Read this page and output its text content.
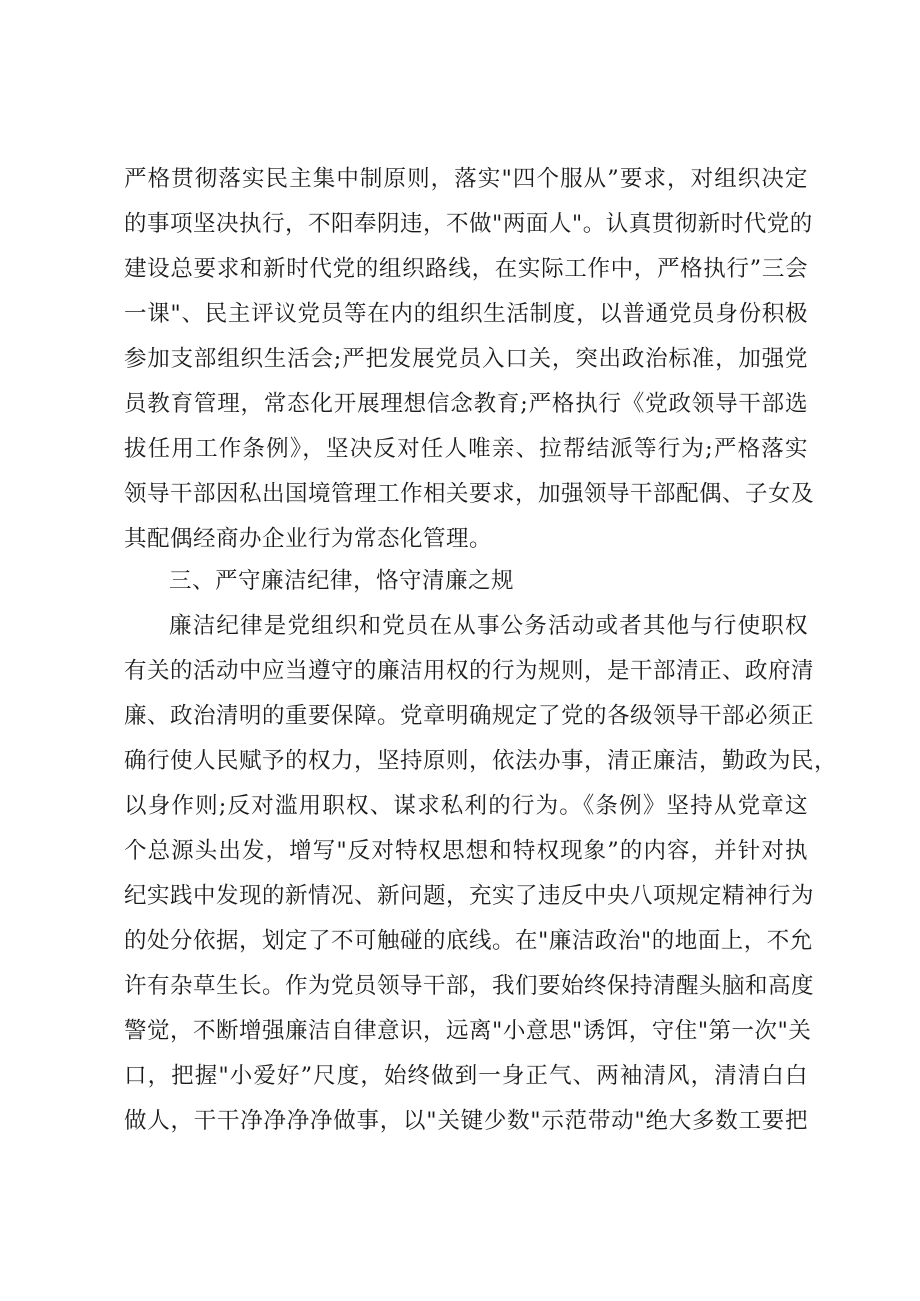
严格贯彻落实民主集中制原则，落实"四个服从”要求，对组织决定
的事项坚决执行，不阳奉阴违，不做"两面人"。认真贯彻新时代党的
建设总要求和新时代党的组织路线，在实际工作中，严格执行”三会
一课"、民主评议党员等在内的组织生活制度，以普通党员身份积极
参加支部组织生活会;严把发展党员入口关，突出政治标准，加强党
员教育管理，常态化开展理想信念教育;严格执行《党政领导干部选
拔任用工作条例》，坚决反对任人唯亲、拉帮结派等行为;严格落实
领导干部因私出国境管理工作相关要求，加强领导干部配偶、子女及
其配偶经商办企业行为常态化管理。
三、严守廉洁纪律，恪守清廉之规
廉洁纪律是党组织和党员在从事公务活动或者其他与行使职权
有关的活动中应当遵守的廉洁用权的行为规则，是干部清正、政府清
廉、政治清明的重要保障。党章明确规定了党的各级领导干部必须正
确行使人民赋予的权力，坚持原则，依法办事，清正廉洁，勤政为民，
以身作则;反对滥用职权、谋求私利的行为。《条例》坚持从党章这
个总源头出发，增写"反对特权思想和特权现象”的内容，并针对执
纪实践中发现的新情况、新问题，充实了违反中央八项规定精神行为
的处分依据，划定了不可触碰的底线。在"廉洁政治"的地面上，不允
许有杂草生长。作为党员领导干部，我们要始终保持清醒头脑和高度
警觉，不断增强廉洁自律意识，远离"小意思"诱饵，守住"第一次"关
口，把握"小爱好”尺度，始终做到一身正气、两袖清风，清清白白
做人，干干净净净净做事，以"关键少数"示范带动"绝大多数工要把
